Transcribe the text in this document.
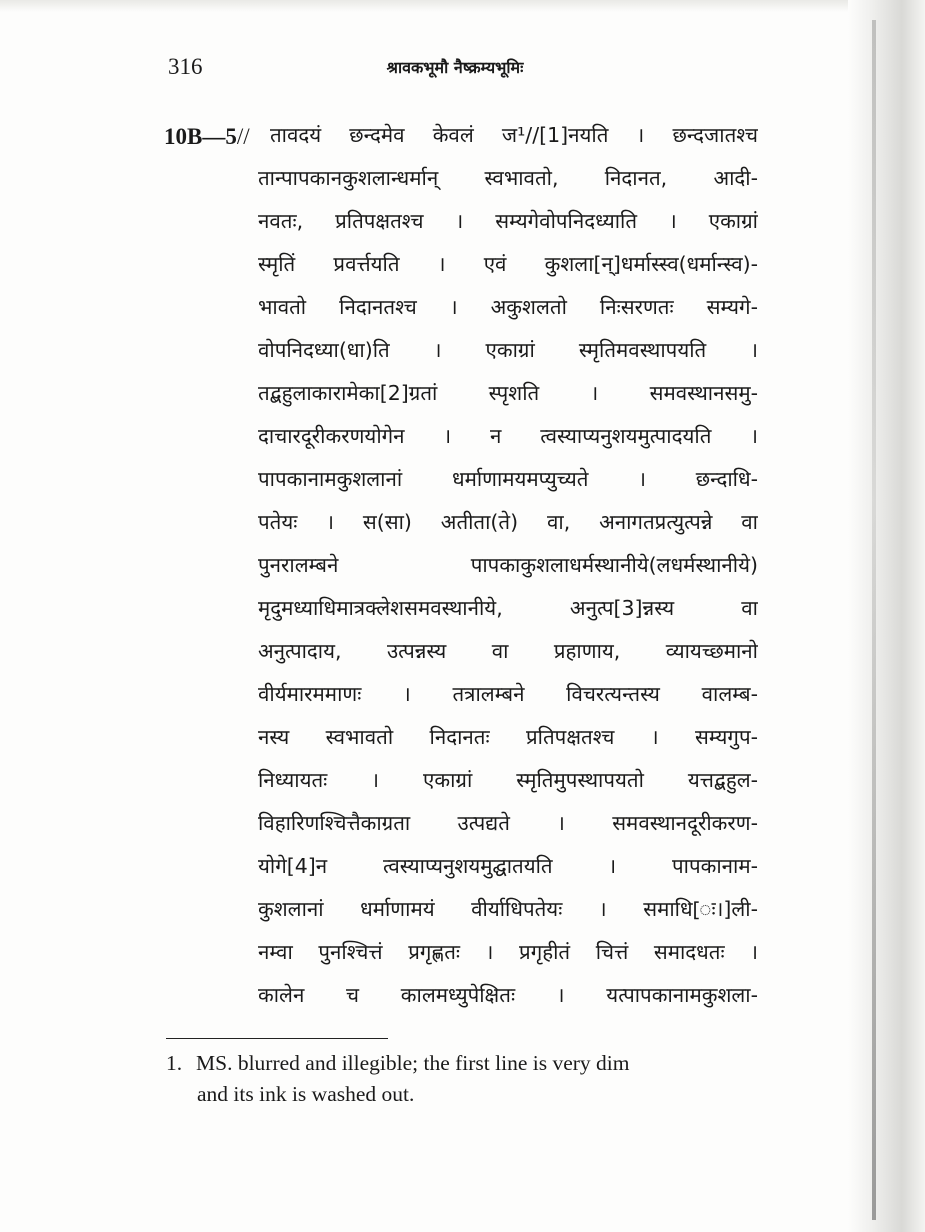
316	श्रावकभूमौ नैष्क्रम्यभूमिः
10B—5// तावदयं छन्दमेव केवलं ज¹//[1]नयति । छन्दजातश्च
तान्पापकानकुशलान्धर्मान् स्वभावतो, निदानत, आदी-
नवतः, प्रतिपक्षतश्च । सम्यगेवोपनिदध्याति । एकाग्रां
स्मृतिं प्रवर्त्तयति । एवं कुशला[न्]धर्मास्स्व(धर्मान्स्व)-
भावतो निदानतश्च । अकुशलतो निःसरणतः सम्यगे-
वोपनिदध्या(धा)ति । एकाग्रां स्मृतिमवस्थापयति ।
तद्बहुलाकारामेका[2]ग्रतां स्पृशति । समवस्थानसमु-
दाचारदूरीकरणयोगेन । न त्वस्याप्यनुशयमुत्पादयति ।
पापकानामकुशलानां धर्माणामयमप्युच्यते । छन्दाधि-
पतेयः । स(सा) अतीता(ते) वा, अनागतप्रत्युत्पन्ने वा
पुनरालम्बने पापकाकुशलाधर्मस्थानीये(लधर्मस्थानीये)
मृदुमध्याधिमात्रक्लेशसमवस्थानीये, अनुत्प[3]न्नस्य वा
अनुत्पादाय, उत्पन्नस्य वा प्रहाणाय, व्यायच्छमानो
वीर्यमारममाणः । तत्रालम्बने विचरत्यन्तस्य वालम्ब-
नस्य स्वभावतो निदानतः प्रतिपक्षतश्च । सम्यगुप-
निध्यायतः । एकाग्रां स्मृतिमुपस्थापयतो यत्तद्बहुल-
विहारिणश्चित्तैकाग्रता उत्पद्यते । समवस्थानदूरीकरण-
योगे[4]न त्वस्याप्यनुशयमुद्घातयति । पापकानाम-
कुशलानां धर्माणामयं वीर्याधिपतेयः । समाधि[ः।]ली-
नम्वा पुनश्चित्तं प्रगृह्णतः । प्रगृहीतं चित्तं समादधतः ।
कालेन च कालमध्युपेक्षितः । यत्पापकानामकुशला-
1. MS. blurred and illegible; the first line is very dim
and its ink is washed out.
